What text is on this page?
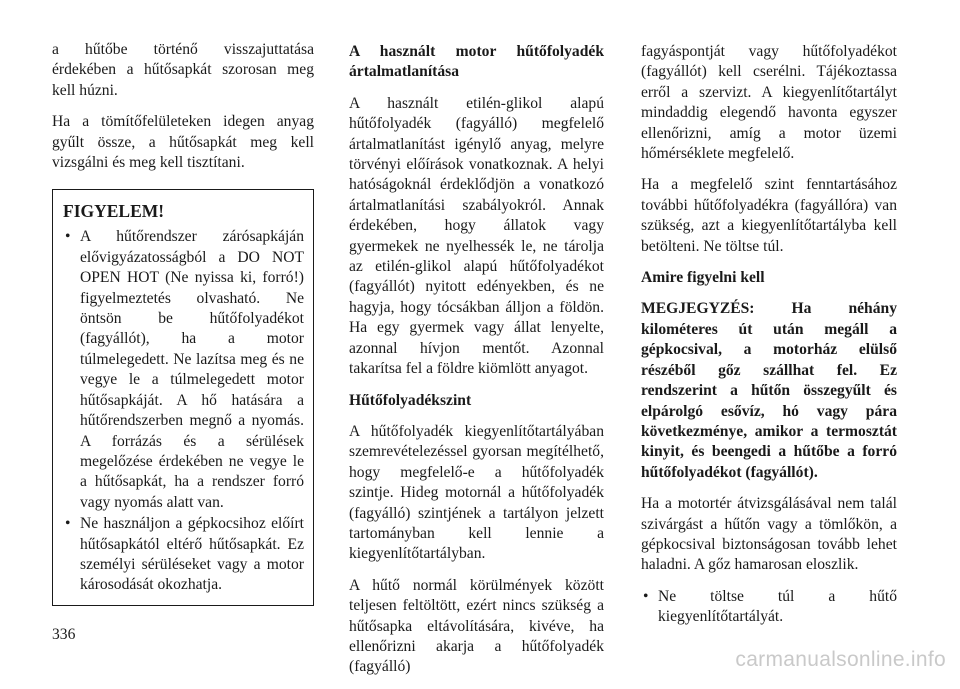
a hűtőbe történő visszajuttatása érdekében a hűtősapkát szorosan meg kell húzni.

Ha a tömítőfelületeken idegen anyag gyűlt össze, a hűtősapkát meg kell vizsgálni és meg kell tisztítani.

FIGYELEM!
• A hűtőrendszer zárósapkáján elővigyázatosságból a DO NOT OPEN HOT (Ne nyissa ki, forró!) figyelmeztetés olvasható. Ne öntsön be hűtőfolyadékot (fagyállót), ha a motor túlmelegedett. Ne lazítsa meg és ne vegye le a túlmelegedett motor hűtősapkáját. A hő hatására a hűtőrendszerben megnő a nyomás. A forrázás és a sérülések megelőzése érdekében ne vegye le a hűtősapkát, ha a rendszer forró vagy nyomás alatt van.
• Ne használjon a gépkocsihoz előírt hűtősapkától eltérő hűtősapkát. Ez személyi sérüléseket vagy a motor károsodását okozhatja.

A használt motor hűtőfolyadék ártalmatlanítása

A használt etilén-glikol alapú hűtőfolyadék (fagyálló) megfelelő ártalmatlanítást igénylő anyag, melyre törvényi előírások vonatkoznak. A helyi hatóságoknál érdeklődjön a vonatkozó ártalmatlanítási szabályokról. Annak érdekében, hogy állatok vagy gyermekek ne nyelhessék le, ne tárolja az etilén-glikol alapú hűtőfolyadékot (fagyállót) nyitott edényekben, és ne hagyja, hogy tócsákban álljon a földön. Ha egy gyermek vagy állat lenyelte, azonnal hívjon mentőt. Azonnal takarítsa fel a földre kiömlött anyagot.

Hűtőfolyadékszint

A hűtőfolyadék kiegyenlítőtartályában szemrevételezéssel gyorsan megítélhető, hogy megfelelő-e a hűtőfolyadék szintje. Hideg motornál a hűtőfolyadék (fagyálló) szintjének a tartályon jelzett tartományban kell lennie a kiegyenlítőtartályban.

A hűtő normál körülmények között teljesen feltöltött, ezért nincs szükség a hűtősapka eltávolítására, kivéve, ha ellenőrizni akarja a hűtőfolyadék (fagyálló)

fagyáspontját vagy hűtőfolyadékot (fagyállót) kell cserélni. Tájékoztassa erről a szervizt. A kiegyenlítőtartályt mindaddig elegendő havonta egyszer ellenőrizni, amíg a motor üzemi hőmérséklete megfelelő.

Ha a megfelelő szint fenntartásához további hűtőfolyadékra (fagyállóra) van szükség, azt a kiegyenlítőtartályba kell betölteni. Ne töltse túl.

Amire figyelni kell

MEGJEGYZÉS: Ha néhány kilométeres út után megáll a gépkocsival, a motorház elülső részéből gőz szállhat fel. Ez rendszerint a hűtőn összegyűlt és elpárolgó esővíz, hó vagy pára következménye, amikor a termosztát kinyit, és beengedi a hűtőbe a forró hűtőfolyadékot (fagyállót).

Ha a motortér átvizsgálásával nem talál szivárgást a hűtőn vagy a tömlőkön, a gépkocsival biztonságosan tovább lehet haladni. A gőz hamarosan eloszlik.

• Ne töltse túl a hűtő kiegyenlítőtartályát.
336
carmanualsonline.info
